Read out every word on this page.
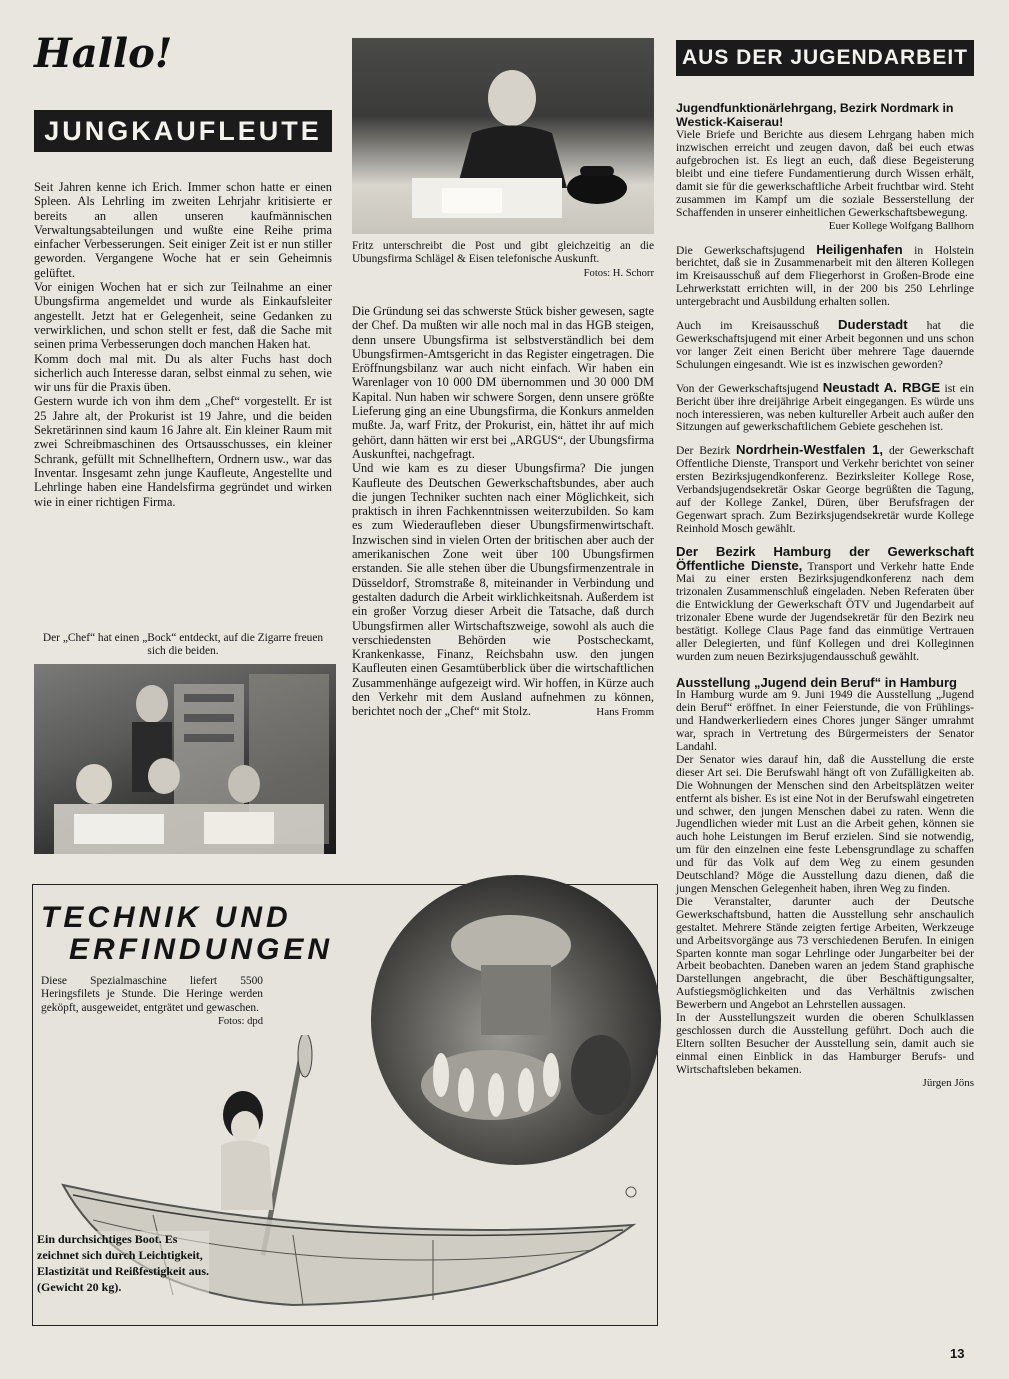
Hallo!
JUNGKAUFLEUTE

Seit Jahren kenne ich Erich. Immer schon hatte er einen Spleen. Als Lehrling im zweiten Lehrjahr kritisierte er bereits an allen unseren kaufmännischen Verwaltungsabteilungen und wußte eine Reihe prima einfacher Verbesserungen. Seit einiger Zeit ist er nun stiller geworden. Vergangene Woche hat er sein Geheimnis gelüftet.

Vor einigen Wochen hat er sich zur Teilnahme an einer Ubungsfirma angemeldet und wurde als Einkaufsleiter angestellt. Jetzt hat er Gelegenheit, seine Gedanken zu verwirklichen, und schon stellt er fest, daß die Sache mit seinen prima Verbesserungen doch manchen Haken hat.

Komm doch mal mit. Du als alter Fuchs hast doch sicherlich auch Interesse daran, selbst einmal zu sehen, wie wir uns für die Praxis üben.

Gestern wurde ich von ihm dem „Chef“ vorgestellt. Er ist 25 Jahre alt, der Prokurist ist 19 Jahre, und die beiden Sekretärinnen sind kaum 16 Jahre alt. Ein kleiner Raum mit zwei Schreibmaschinen des Ortsausschusses, ein kleiner Schrank, gefüllt mit Schnellheftern, Ordnern usw., war das Inventar. Insgesamt zehn junge Kaufleute, Angestellte und Lehrlinge haben eine Handelsfirma gegründet und wirken wie in einer richtigen Firma.

Der „Chef“ hat einen „Bock“ entdeckt, auf die Zigarre freuen sich die beiden.
Fritz unterschreibt die Post und gibt gleichzeitig an die Ubungsfirma Schlägel & Eisen telefonische Auskunft.
Fotos: H. Schorr

Die Gründung sei das schwerste Stück bisher gewesen, sagte der Chef. Da mußten wir alle noch mal in das HGB steigen, denn unsere Ubungsfirma ist selbstverständlich bei dem Ubungsfirmen-Amtsgericht in das Register eingetragen. Die Eröffnungsbilanz war auch nicht einfach. Wir haben ein Warenlager von 10 000 DM übernommen und 30 000 DM Kapital. Nun haben wir schwere Sorgen, denn unsere größte Lieferung ging an eine Ubungsfirma, die Konkurs anmelden mußte. Ja, warf Fritz, der Prokurist, ein, hättet ihr auf mich gehört, dann hätten wir erst bei „ARGUS“, der Ubungsfirma Auskunftei, nachgefragt.

Und wie kam es zu dieser Ubungsfirma? Die jungen Kaufleute des Deutschen Gewerkschaftsbundes, aber auch die jungen Techniker suchten nach einer Möglichkeit, sich praktisch in ihren Fachkenntnissen weiterzubilden. So kam es zum Wiederaufleben dieser Ubungsfirmenwirtschaft. Inzwischen sind in vielen Orten der britischen aber auch der amerikanischen Zone weit über 100 Ubungsfirmen erstanden. Sie alle stehen über die Ubungsfirmenzentrale in Düsseldorf, Stromstraße 8, miteinander in Verbindung und gestalten dadurch die Arbeit wirklichkeitsnah. Außerdem ist ein großer Vorzug dieser Arbeit die Tatsache, daß durch Ubungsfirmen aller Wirtschaftszweige, sowohl als auch die verschiedensten Behörden wie Postscheckamt, Krankenkasse, Finanz, Reichsbahn usw. den jungen Kaufleuten einen Gesamtüberblick über die wirtschaftlichen Zusammenhänge aufgezeigt wird. Wir hoffen, in Kürze auch den Verkehr mit dem Ausland aufnehmen zu können, berichtet noch der „Chef“ mit Stolz.	Hans Fromm
TECHNIK UND
ERFINDUNGEN
Diese Spezialmaschine liefert 5500 Heringsfilets je Stunde. Die Heringe werden geköpft, ausgeweidet, entgrätet und gewaschen.
Fotos: dpd
Ein durchsichtiges Boot. Es zeichnet sich durch Leichtigkeit, Elastizität und Reißfestigkeit aus. (Gewicht 20 kg).
AUS DER JUGENDARBEIT
Jugendfunktionärlehrgang, Bezirk Nordmark in Westick-Kaiserau!
Viele Briefe und Berichte aus diesem Lehrgang haben mich inzwischen erreicht und zeugen davon, daß bei euch etwas aufgebrochen ist. Es liegt an euch, daß diese Begeisterung bleibt und eine tiefere Fundamentierung durch Wissen erhält, damit sie für die gewerkschaftliche Arbeit fruchtbar wird. Steht zusammen im Kampf um die soziale Besserstellung der Schaffenden in unserer einheitlichen Gewerkschaftsbewegung.
Euer Kollege Wolfgang Ballhorn
Die Gewerkschaftsjugend Heiligenhafen in Holstein berichtet, daß sie in Zusammenarbeit mit den älteren Kollegen im Kreisausschuß auf dem Fliegerhorst in Großen-Brode eine Lehrwerkstatt errichten will, in der 200 bis 250 Lehrlinge untergebracht und Ausbildung erhalten sollen.
Auch im Kreisausschuß Duderstadt hat die Gewerkschaftsjugend mit einer Arbeit begonnen und uns schon vor langer Zeit einen Bericht über mehrere Tage dauernde Schulungen eingesandt. Wie ist es inzwischen geworden?
Von der Gewerkschaftsjugend Neustadt A. RBGE ist ein Bericht über ihre dreijährige Arbeit eingegangen. Es würde uns noch interessieren, was neben kultureller Arbeit auch außer den Sitzungen auf gewerkschaftlichem Gebiete geschehen ist.
Der Bezirk Nordrhein-Westfalen 1, der Gewerkschaft Offentliche Dienste, Transport und Verkehr berichtet von seiner ersten Bezirksjugendkonferenz. Bezirksleiter Kollege Rose, Verbandsjugendsekretär Oskar George begrüßten die Tagung, auf der Kollege Zankel, Düren, über Berufsfragen der Gegenwart sprach. Zum Bezirksjugendsekretär wurde Kollege Reinhold Mosch gewählt.
Der Bezirk Hamburg der Gewerkschaft Öffentliche Dienste, Transport und Verkehr hatte Ende Mai zu einer ersten Bezirksjugendkonferenz nach dem trizonalen Zusammenschluß eingeladen. Neben Referaten über die Entwicklung der Gewerkschaft ÖTV und Jugendarbeit auf trizonaler Ebene wurde der Jugendsekretär für den Bezirk neu bestätigt. Kollege Claus Page fand das einmütige Vertrauen aller Delegierten, und fünf Kollegen und drei Kolleginnen wurden zum neuen Bezirksjugendausschuß gewählt.
Ausstellung „Jugend dein Beruf“ in Hamburg

In Hamburg wurde am 9. Juni 1949 die Ausstellung „Jugend dein Beruf“ eröffnet. In einer Feierstunde, die von Frühlings- und Handwerkerliedern eines Chores junger Sänger umrahmt war, sprach in Vertretung des Bürgermeisters der Senator Landahl.

Der Senator wies darauf hin, daß die Ausstellung die erste dieser Art sei. Die Berufswahl hängt oft von Zufälligkeiten ab. Die Wohnungen der Menschen sind den Arbeitsplätzen weiter entfernt als bisher. Es ist eine Not in der Berufswahl eingetreten und schwer, den jungen Menschen dabei zu raten. Wenn die Jugendlichen wieder mit Lust an die Arbeit gehen, können sie auch hohe Leistungen im Beruf erzielen. Sind sie notwendig, um für den einzelnen eine feste Lebensgrundlage zu schaffen und für das Volk auf dem Weg zu einem gesunden Deutschland? Möge die Ausstellung dazu dienen, daß die jungen Menschen Gelegenheit haben, ihren Weg zu finden.

Die Veranstalter, darunter auch der Deutsche Gewerkschaftsbund, hatten die Ausstellung sehr anschaulich gestaltet. Mehrere Stände zeigten fertige Arbeiten, Werkzeuge und Arbeitsvorgänge aus 73 verschiedenen Berufen. In einigen Sparten konnte man sogar Lehrlinge oder Jungarbeiter bei der Arbeit beobachten. Daneben waren an jedem Stand graphische Darstellungen angebracht, die über Beschäftigungsalter, Aufstiegsmöglichkeiten und das Verhältnis zwischen Bewerbern und Angebot an Lehrstellen aussagen.

In der Ausstellungszeit wurden die oberen Schulklassen geschlossen durch die Ausstellung geführt. Doch auch die Eltern sollten Besucher der Ausstellung sein, damit auch sie einmal einen Einblick in das Hamburger Berufs- und Wirtschaftsleben bekamen.

Jürgen Jöns
13
